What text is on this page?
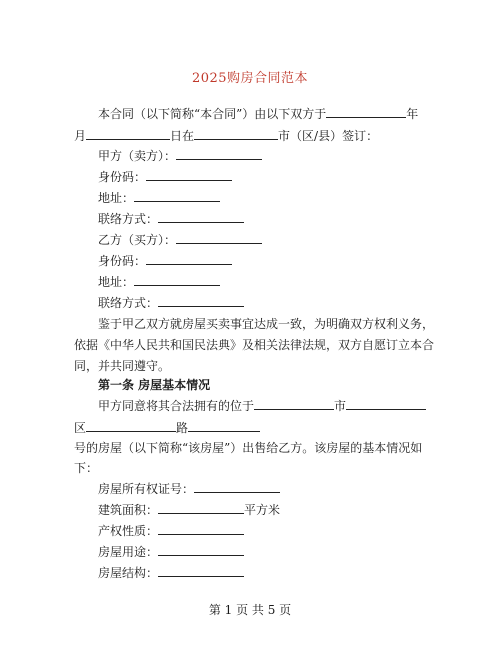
2025购房合同范本
本合同（以下简称“本合同”）由以下双方于	年
月	日在	市（区/县）签订：
甲方（卖方）：
身份码：
地址：
联络方式：
乙方（买方）：
身份码：
地址：
联络方式：
鉴于甲乙双方就房屋买卖事宜达成一致，为明确双方权利义务，
依据《中华人民共和国民法典》及相关法律法规，双方自愿订立本合
同，并共同遵守。
第一条 房屋基本情况
甲方同意将其合法拥有的位于	市
区	路
号的房屋（以下简称“该房屋”）出售给乙方。该房屋的基本情况如
下：
房屋所有权证号：
建筑面积：	平方米
产权性质：
房屋用途：
房屋结构：
第 1 页 共 5 页
